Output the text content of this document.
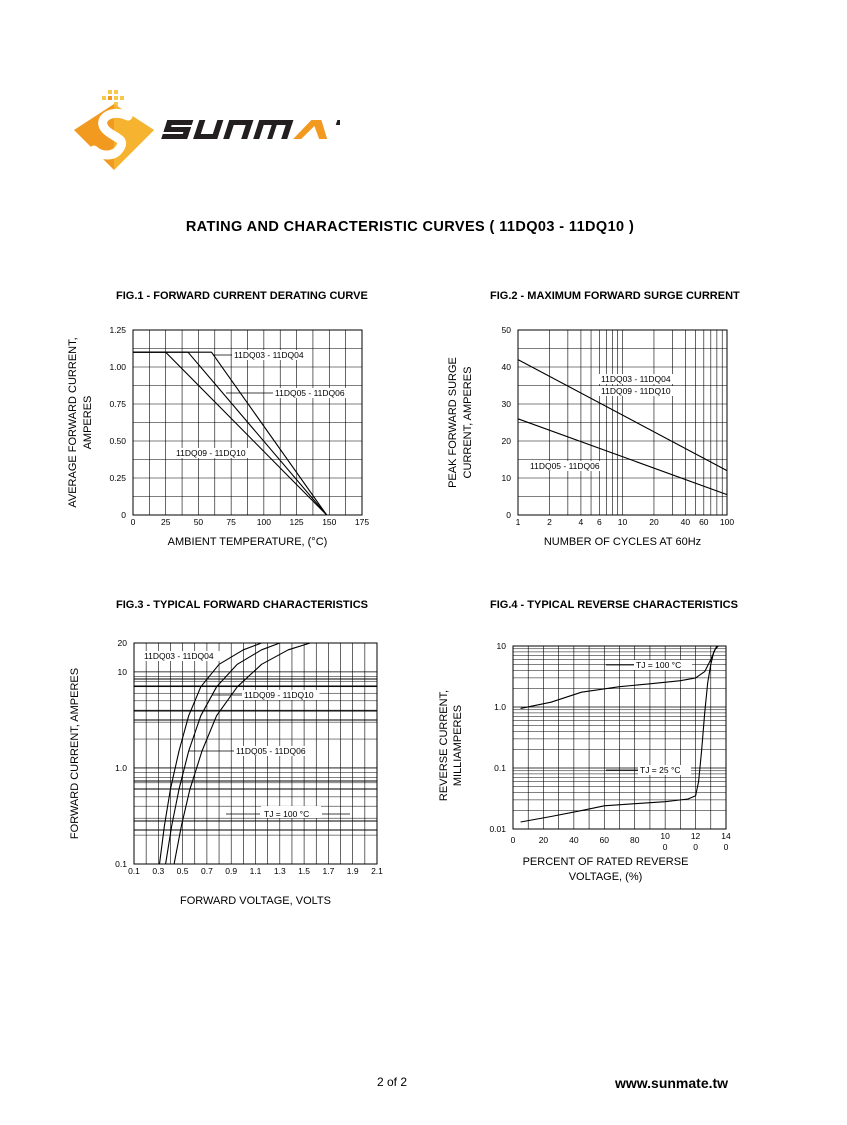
RATING AND CHARACTERISTIC CURVES ( 11DQ03 - 11DQ10 )
FIG.1 - FORWARD CURRENT DERATING CURVE	FIG.2 - MAXIMUM FORWARD SURGE CURRENT
FIG.3 - TYPICAL FORWARD CHARACTERISTICS	FIG.4 - TYPICAL REVERSE CHARACTERISTICS
11DQ03 - 11DQ04
11DQ05 - 11DQ06
11DQ09 - 11DQ10
0	25	50	75 100 125 150 175
0
0.25
0.50
0.75
1.00
1.25
AMBIENT TEMPERATURE, (°C)
AVERAGE FORWARD CURRENT, AMPERES
11DQ03 - 11DQ04
11DQ09 - 11DQ10
11DQ05 - 11DQ06
1	2	4 6 10	20	40 60 100
0
10
20
30
40
50
NUMBER OF CYCLES AT 60Hz
PEAK FORWARD SURGE CURRENT, AMPERES
TJ = 100 °C
11DQ03 - 11DQ04
11DQ09 - 11DQ10
11DQ05 - 11DQ06
0.1 0.3 0.5 0.7 0.9 1.1 1.3 1.5 1.7 1.9 2.1
0.1
1.0
10
20
FORWARD VOLTAGE, VOLTS
FORWARD CURRENT, AMPERES
TJ = 100 °C
TJ = 25 °C
0	20 40 60 80 10
0
12
0
14
0
0.01
0.1
1.0
10
PERCENT OF RATED REVERSE
VOLTAGE, (%)
REVERSE CURRENT, MILLIAMPERES
2 of 2	www.sunmate.tw
